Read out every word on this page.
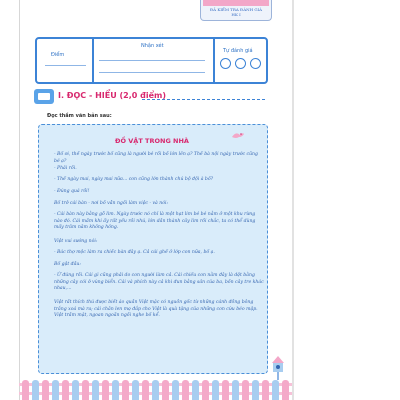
ĐÃ KIỂM TRA ĐÁNH GIÁ
HK I
Điểm
Nhận xét
Tự đánh giá
I. ĐỌC - HIỂU (2,0 điểm)
Đọc thầm văn bản sau:
ĐỒ VẬT TRONG NHÀ
- Bố ơi, thế ngày trước bố cũng là người bé rồi bố lớn lên ạ? Thế bà nội ngày trước cũng bé ạ?
- Phải rồi.
- Thế ngày mai, ngày mai nữa... con cũng lớn thành chú bộ đội à bố?
- Đúng quá rồi!
Bố trở cái bàn - nơi bố vẫn ngồi làm việc - và nói:
- Cái bàn này bằng gỗ lim. Ngày trước nó chỉ là một hạt lim bé bé nằm ở một khu rừng nào đó. Cái mầm khi ấy rất yếu rồi nhú, lớn dần thành cây lim rồi chắc, ta có thể dùng mấy trăm năm không hỏng.
Việt vui sướng nói:
- Bác thợ mộc làm ra chiếc bàn đây ạ. Cả cái ghế ở lớp con nữa, bố ạ.
Bố gật đầu:
- Ừ đúng rồi. Cái gì cũng phải do con người làm cả. Cái chiếu con nằm đây là dệt bằng những cây cói ở vùng biển. Cái và phích này cả khi đun bằng sản của ba, bốn cây tre khác nhau,...
Việt rất thích thú được biết áo quần Việt mặc có nguồn gốc từ những cánh đồng bông trắng xoá mà ra; cái chăn len mẹ đắp cho Việt là quà tặng của những con cừu béo mập. Việt trầm mặt, ngoan ngoãn ngồi nghe bố kể.
